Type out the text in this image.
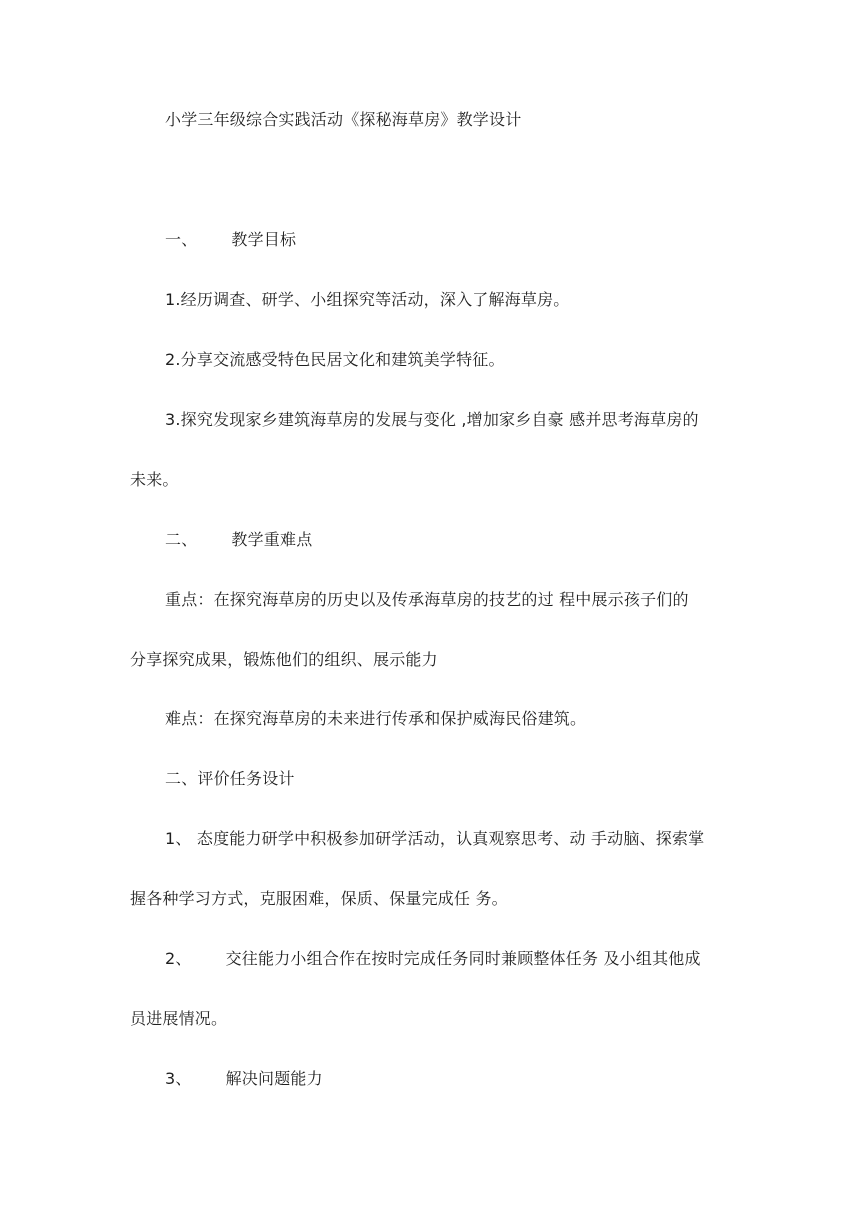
小学三年级综合实践活动《探秘海草房》教学设计
一、 教学目标
1.经历调查、研学、小组探究等活动，深入了解海草房。
2.分享交流感受特色民居文化和建筑美学特征。
3.探究发现家乡建筑海草房的发展与变化 ,增加家乡自豪 感并思考海草房的
未来。
二、 教学重难点
重点：在探究海草房的历史以及传承海草房的技艺的过 程中展示孩子们的
分享探究成果，锻炼他们的组织、展示能力
难点：在探究海草房的未来进行传承和保护威海民俗建筑。
二、评价任务设计
1、 态度能力研学中积极参加研学活动，认真观察思考、动 手动脑、探索掌
握各种学习方式，克服困难，保质、保量完成任 务。
2、 交往能力小组合作在按时完成任务同时兼顾整体任务 及小组其他成
员进展情况。
3、 解决问题能力
